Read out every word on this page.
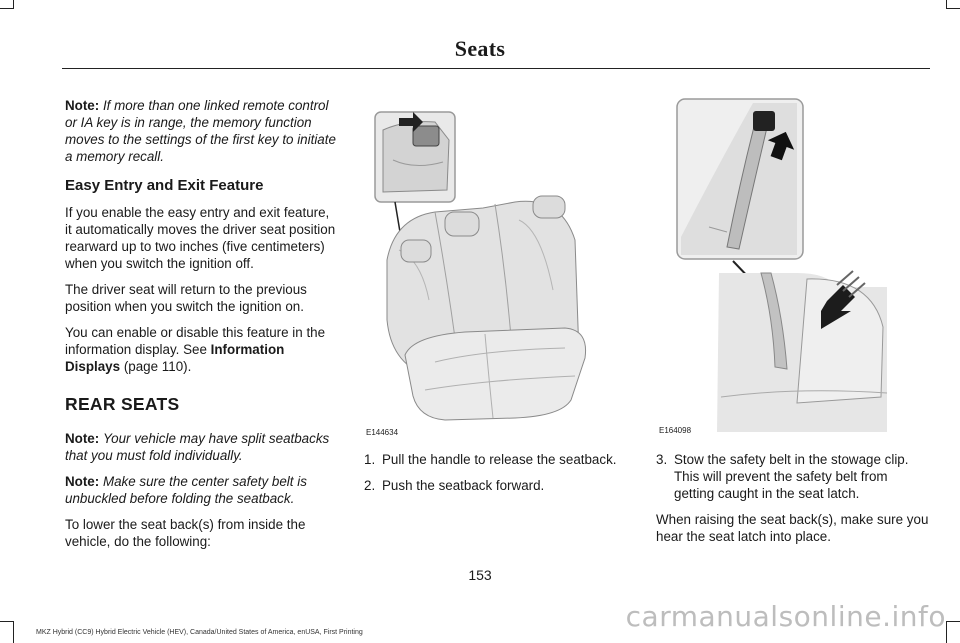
Seats

Note: If more than one linked remote control or IA key is in range, the memory function moves to the settings of the first key to initiate a memory recall.

Easy Entry and Exit Feature

If you enable the easy entry and exit feature, it automatically moves the driver seat position rearward up to two inches (five centimeters) when you switch the ignition off.

The driver seat will return to the previous position when you switch the ignition on.

You can enable or disable this feature in the information display. See Information Displays (page 110).

REAR SEATS

Note: Your vehicle may have split seatbacks that you must fold individually.

Note: Make sure the center safety belt is unbuckled before folding the seatback.

To lower the seat back(s) from inside the vehicle, do the following:

E144634
1. Pull the handle to release the seatback.
2. Push the seatback forward.
E164098
3. Stow the safety belt in the stowage clip. This will prevent the safety belt from getting caught in the seat latch.

When raising the seat back(s), make sure you hear the seat latch into place.

153
MKZ Hybrid (CC9) Hybrid Electric Vehicle (HEV), Canada/United States of America, enUSA, First Printing	carmanualsonline.info
